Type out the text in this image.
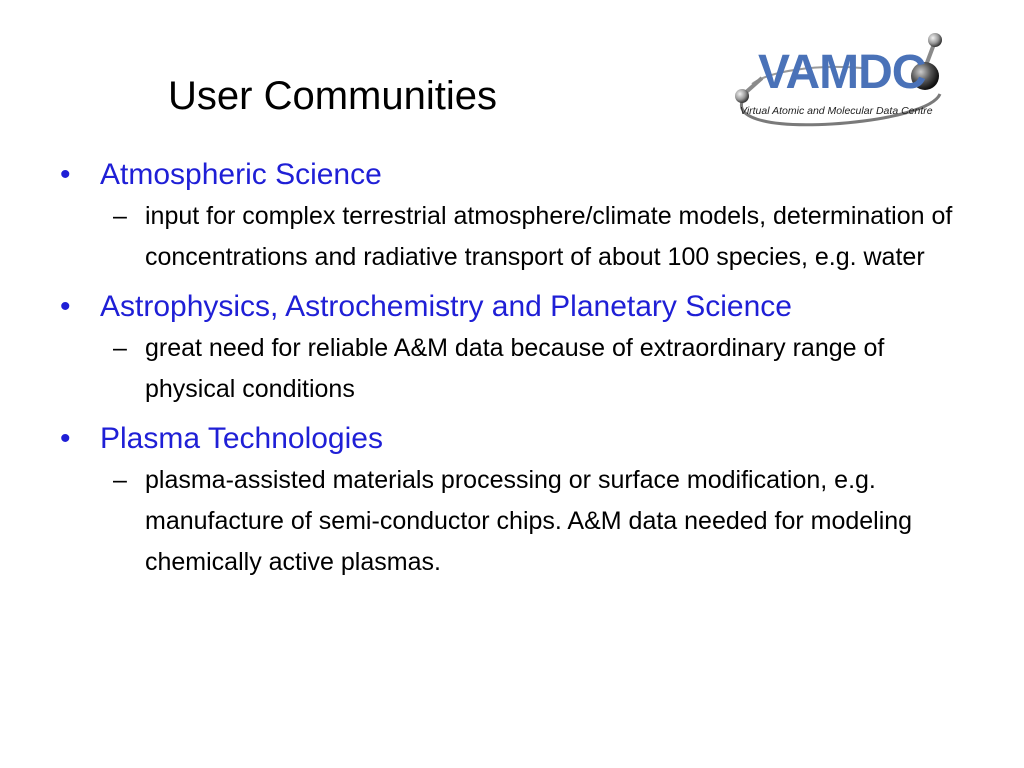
User Communities	VAMDC
Virtual Atomic and Molecular Data Centre
• Atmospheric Science
– input for complex terrestrial atmosphere/climate models, determination of concentrations and radiative transport of about 100 species, e.g. water
• Astrophysics, Astrochemistry and Planetary Science
– great need for reliable A&M data because of extraordinary range of physical conditions
• Plasma Technologies
– plasma-assisted materials processing or surface modification, e.g. manufacture of semi-conductor chips. A&M data needed for modeling chemically active plasmas.
